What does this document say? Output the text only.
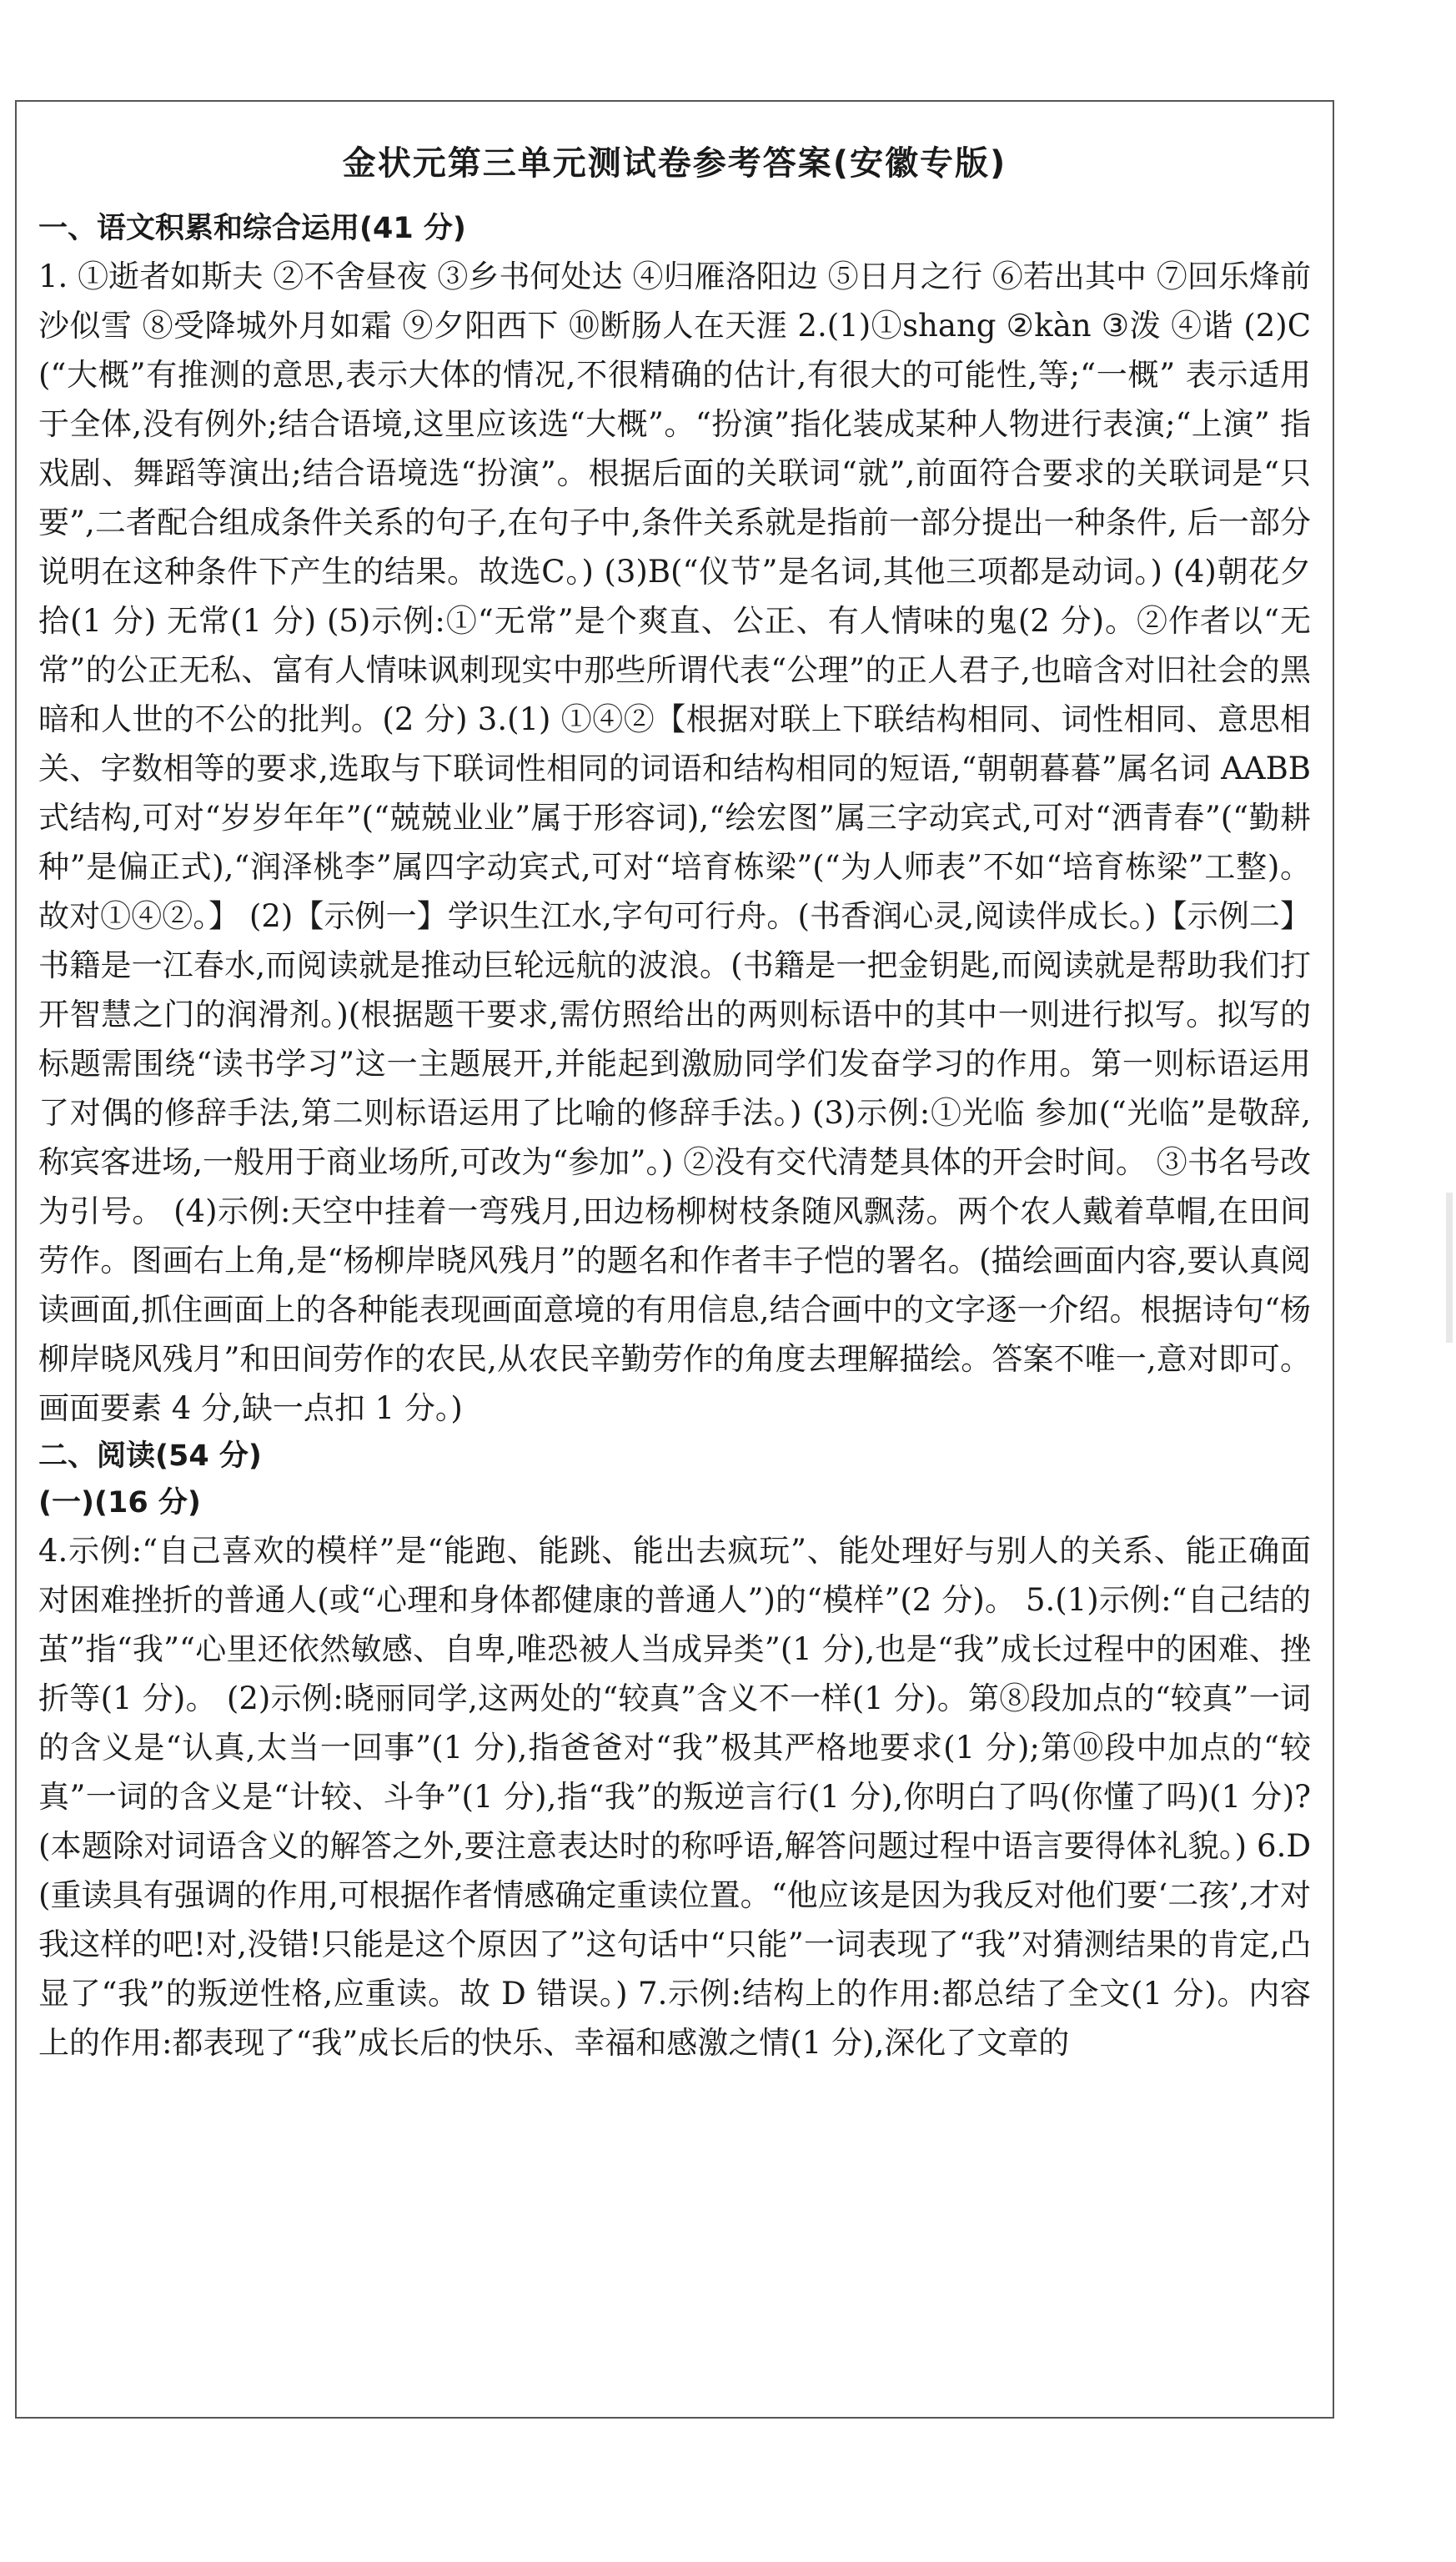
金状元第三单元测试卷参考答案(安徽专版)
一、语文积累和综合运用(41 分)

1. ①逝者如斯夫 ②不舍昼夜 ③乡书何处达 ④归雁洛阳边 ⑤日月之行 ⑥若出其中 ⑦回乐烽前沙似雪 ⑧受降城外月如霜 ⑨夕阳西下 ⑩断肠人在天涯 2.(1)①shang ②kàn ③泼 ④谐 (2)C(“大概”有推测的意思,表示大体的情况,不很精确的估计,有很大的可能性,等;“一概” 表示适用于全体,没有例外;结合语境,这里应该选“大概”。“扮演”指化装成某种人物进行表演;“上演” 指戏剧、舞蹈等演出;结合语境选“扮演”。根据后面的关联词“就”,前面符合要求的关联词是“只要”,二者配合组成条件关系的句子,在句子中,条件关系就是指前一部分提出一种条件, 后一部分说明在这种条件下产生的结果。故选C。) (3)B(“仪节”是名词,其他三项都是动词。) (4)朝花夕拾(1 分) 无常(1 分) (5)示例:①“无常”是个爽直、公正、有人情味的鬼(2 分)。②作者以“无常”的公正无私、富有人情味讽刺现实中那些所谓代表“公理”的正人君子,也暗含对旧社会的黑暗和人世的不公的批判。(2 分) 3.(1) ①④②【根据对联上下联结构相同、词性相同、意思相关、字数相等的要求,选取与下联词性相同的词语和结构相同的短语,“朝朝暮暮”属名词 AABB 式结构,可对“岁岁年年”(“兢兢业业”属于形容词),“绘宏图”属三字动宾式,可对“洒青春”(“勤耕种”是偏正式),“润泽桃李”属四字动宾式,可对“培育栋梁”(“为人师表”不如“培育栋梁”工整)。故对①④②。】 (2)【示例一】学识生江水,字句可行舟。(书香润心灵,阅读伴成长。)【示例二】书籍是一江春水,而阅读就是推动巨轮远航的波浪。(书籍是一把金钥匙,而阅读就是帮助我们打开智慧之门的润滑剂。)(根据题干要求,需仿照给出的两则标语中的其中一则进行拟写。拟写的标题需围绕“读书学习”这一主题展开,并能起到激励同学们发奋学习的作用。第一则标语运用了对偶的修辞手法,第二则标语运用了比喻的修辞手法。) (3)示例:①光临 参加(“光临”是敬辞,称宾客进场,一般用于商业场所,可改为“参加”。) ②没有交代清楚具体的开会时间。 ③书名号改为引号。 (4)示例:天空中挂着一弯残月,田边杨柳树枝条随风飘荡。两个农人戴着草帽,在田间劳作。图画右上角,是“杨柳岸晓风残月”的题名和作者丰子恺的署名。(描绘画面内容,要认真阅读画面,抓住画面上的各种能表现画面意境的有用信息,结合画中的文字逐一介绍。根据诗句“杨柳岸晓风残月”和田间劳作的农民,从农民辛勤劳作的角度去理解描绘。答案不唯一,意对即可。画面要素 4 分,缺一点扣 1 分。)

二、阅读(54 分)
(一)(16 分)

4.示例:“自己喜欢的模样”是“能跑、能跳、能出去疯玩”、能处理好与别人的关系、能正确面对困难挫折的普通人(或“心理和身体都健康的普通人”)的“模样”(2 分)。 5.(1)示例:“自己结的茧”指“我”“心里还依然敏感、自卑,唯恐被人当成异类”(1 分),也是“我”成长过程中的困难、挫折等(1 分)。 (2)示例:晓丽同学,这两处的“较真”含义不一样(1 分)。第⑧段加点的“较真”一词的含义是“认真,太当一回事”(1 分),指爸爸对“我”极其严格地要求(1 分);第⑩段中加点的“较真”一词的含义是“计较、斗争”(1 分),指“我”的叛逆言行(1 分),你明白了吗(你懂了吗)(1 分)?(本题除对词语含义的解答之外,要注意表达时的称呼语,解答问题过程中语言要得体礼貌。) 6.D(重读具有强调的作用,可根据作者情感确定重读位置。“他应该是因为我反对他们要‘二孩’,才对我这样的吧!对,没错!只能是这个原因了”这句话中“只能”一词表现了“我”对猜测结果的肯定,凸显了“我”的叛逆性格,应重读。故 D 错误。) 7.示例:结构上的作用:都总结了全文(1 分)。内容上的作用:都表现了“我”成长后的快乐、幸福和感激之情(1 分),深化了文章的
